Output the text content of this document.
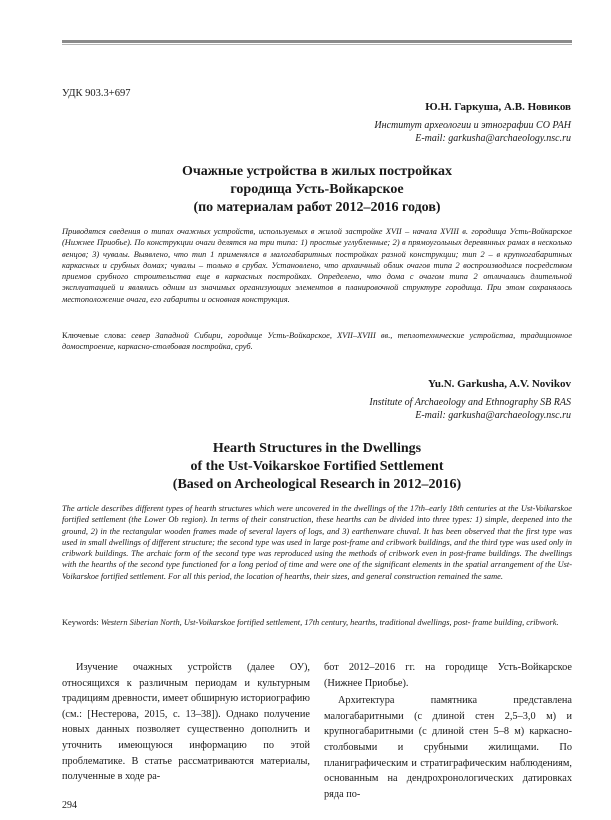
УДК 903.3+697
Ю.Н. Гаркуша, А.В. Новиков
Институт археологии и этнографии СО РАН
E-mail: garkusha@archaeology.nsc.ru
Очажные устройства в жилых постройках
городища Усть-Войкарское
(по материалам работ 2012–2016 годов)
Приводятся сведения о типах очажных устройств, используемых в жилой застройке XVII – начала XVIII в. городища Усть-Войкарское (Нижнее Приобье). По конструкции очаги делятся на три типа: 1) простые углубленные; 2) в прямоугольных деревянных рамах в несколько венцов; 3) чувалы. Выявлено, что тип 1 применялся в малогабаритных постройках разной конструкции; тип 2 – в крупногабаритных каркасных и срубных домах; чувалы – только в срубах. Установлено, что архаичный облик очагов типа 2 воспроизводился посредством приемов срубного строительства еще в каркасных постройках. Определено, что дома с очагом типа 2 отличались длительной эксплуатацией и являлись одним из значимых организующих элементов в планировочной структуре городища. При этом сохранялось местоположение очага, его габариты и основная конструкция.
Ключевые слова: север Западной Сибири, городище Усть-Войкарское, XVII–XVIII вв., теплотехнические устройства, традиционное домостроение, каркасно-столбовая постройка, сруб.
Yu.N. Garkusha, A.V. Novikov
Institute of Archaeology and Ethnography SB RAS
E-mail: garkusha@archaeology.nsc.ru
Hearth Structures in the Dwellings
of the Ust-Voikarskoe Fortified Settlement
(Based on Archeological Research in 2012–2016)
The article describes different types of hearth structures which were uncovered in the dwellings of the 17th–early 18th centuries at the Ust-Voikarskoe fortified settlement (the Lower Ob region). In terms of their construction, these hearths can be divided into three types: 1) simple, deepened into the ground, 2) in the rectangular wooden frames made of several layers of logs, and 3) earthenware chuval. It has been observed that the first type was used in small dwellings of different structure; the second type was used in large post-frame and cribwork buildings, and the third type was used only in cribwork buildings. The archaic form of the second type was reproduced using the methods of cribwork even in post-frame buildings. The dwellings with the hearths of the second type functioned for a long period of time and were one of the significant elements in the spatial arrangement of the Ust-Voikarskoe fortified settlement. For all this period, the location of hearths, their sizes, and general construction remained the same.
Keywords: Western Siberian North, Ust-Voikarskoe fortified settlement, 17th century, hearths, traditional dwellings, post- frame building, cribwork.

Изучение очажных устройств (далее ОУ), относящихся к различным периодам и культурным традициям древности, имеет обширную историографию (см.: [Нестерова, 2015, с. 13–38]). Однако получение новых данных позволяет существенно дополнить и уточнить имеющуюся информацию по этой проблематике. В статье рассматриваются материалы, полученные в ходе ра-

бот 2012–2016 гг. на городище Усть-Войкарское (Нижнее Приобье).

Архитектура памятника представлена малогабаритными (с длиной стен 2,5–3,0 м) и крупногабаритными (с длиной стен 5–8 м) каркасно-столбовыми и срубными жилищами. По планиграфическим и стратиграфическим наблюдениям, основанным на дендрохронологических датировках ряда по-

294
